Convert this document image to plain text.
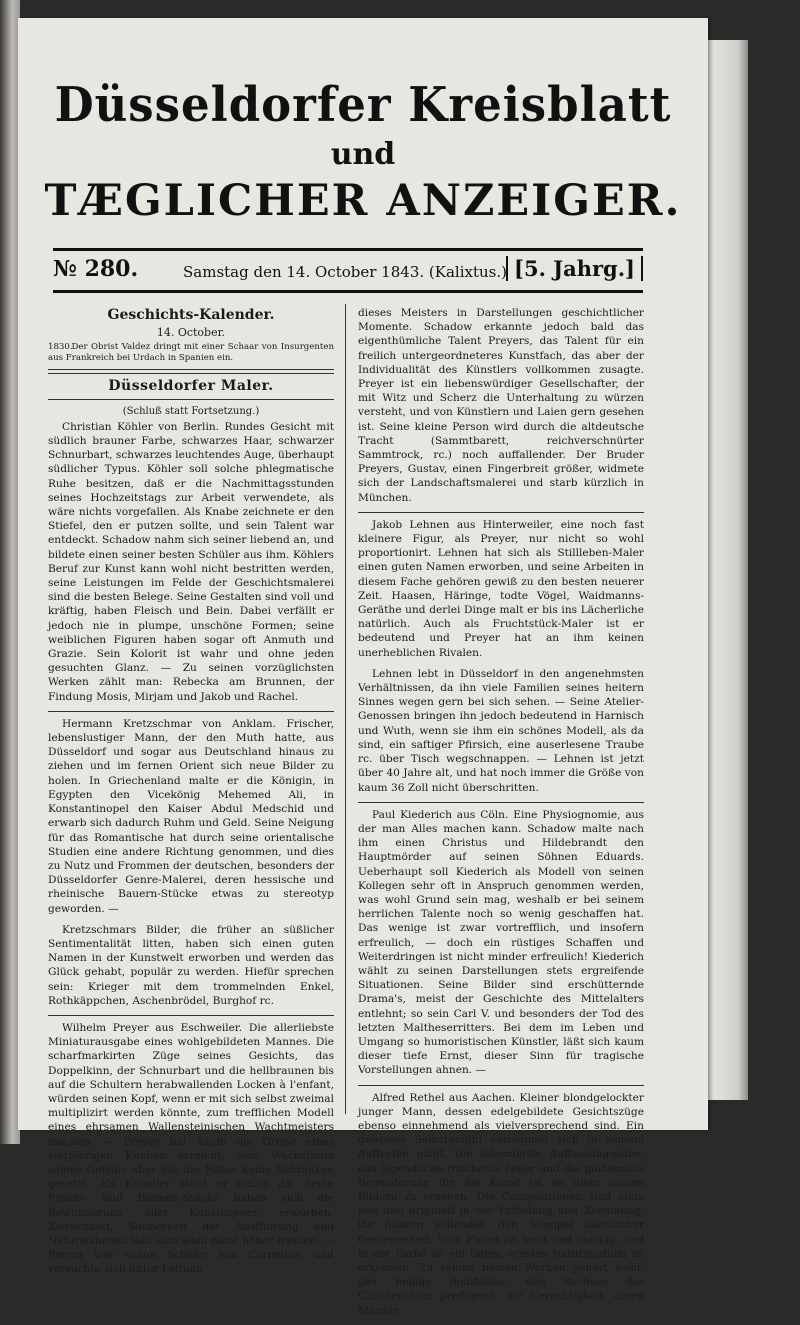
Düsseldorfer Kreisblatt
und
TÆGLICHER ANZEIGER.
№ 280.	Samstag den 14. October 1843. (Kalixtus.) [5. Jahrg.]
Geschichts-Kalender.
14. October.
1830. Der Obrist Valdez dringt mit einer Schaar von Insurgenten aus Frankreich bei Urdach in Spanien ein.
Düsseldorfer Maler.
(Schluß statt Fortsetzung.)

Christian Köhler von Berlin. Rundes Gesicht mit südlich brauner Farbe, schwarzes Haar, schwarzer Schnurbart, schwarzes leuchtendes Auge, überhaupt südlicher Typus. Köhler soll solche phlegmatische Ruhe besitzen, daß er die Nachmittagsstunden seines Hochzeitstags zur Arbeit verwendete, als wäre nichts vorgefallen. Als Knabe zeichnete er den Stiefel, den er putzen sollte, und sein Talent war entdeckt. Schadow nahm sich seiner liebend an, und bildete einen seiner besten Schüler aus ihm. Köhlers Beruf zur Kunst kann wohl nicht bestritten werden, seine Leistungen im Felde der Geschichtsmalerei sind die besten Belege. Seine Gestalten sind voll und kräftig, haben Fleisch und Bein. Dabei verfällt er jedoch nie in plumpe, unschöne Formen; seine weiblichen Figuren haben sogar oft Anmuth und Grazie. Sein Kolorit ist wahr und ohne jeden gesuchten Glanz. — Zu seinen vorzüglichsten Werken zählt man: Rebecka am Brunnen, der Findung Mosis, Mirjam und Jakob und Rachel.

Hermann Kretzschmar von Anklam. Frischer, lebenslustiger Mann, der den Muth hatte, aus Düsseldorf und sogar aus Deutschland hinaus zu ziehen und im fernen Orient sich neue Bilder zu holen. In Griechenland malte er die Königin, in Egypten den Vicekönig Mehemed Ali, in Konstantinopel den Kaiser Abdul Medschid und erwarb sich dadurch Ruhm und Geld. Seine Neigung für das Romantische hat durch seine orientalische Studien eine andere Richtung genommen, und dies zu Nutz und Frommen der deutschen, besonders der Düsseldorfer Genre-Malerei, deren hessische und rheinische Bauern-Stücke etwas zu stereotyp geworden. —

Kretzschmars Bilder, die früher an süßlicher Sentimentalität litten, haben sich einen guten Namen in der Kunstwelt erworben und werden das Glück gehabt, populär zu werden. Hiefür sprechen sein: Krieger mit dem trommelnden Enkel, Rothkäppchen, Aschenbrödel, Burghof rc.

Wilhelm Preyer aus Eschweiler. Die allerliebste Miniaturausgabe eines wohlgebildeten Mannes. Die scharfmarkirten Züge seines Gesichts, das Doppelkinn, der Schnurbart und die hellbraunen bis auf die Schultern herabwallenden Locken à l'enfant, würden seinen Kopf, wenn er mit sich selbst zweimal multiplizirt werden könnte, zum trefflichen Modell eines ehrsamen Wallensteinischen Wachtmeisters machen. — Preyer hat kaum die Größe eines vierjährigen Knaben erreicht; dem Wachsthum seines Geistes aber hat die Natur keine Schranken gesetzt. Als Künstler steht er einzig da. Seine Frucht- und Blumen-Stücke haben sich die Bewunderung aller Kunstkenner erworben. Zierlichkeit, Sauberkeit der Ausführung und Naturwahrheit läßt sich wohl nicht höher treiben. — Preyer war schon Schüler von Cornelius, und versuchte sich unter Leitung

dieses Meisters in Darstellungen geschichtlicher Momente. Schadow erkannte jedoch bald das eigenthümliche Talent Preyers, das Talent für ein freilich untergeordneteres Kunstfach, das aber der Individualität des Künstlers vollkommen zusagte. Preyer ist ein liebenswürdiger Gesellschafter, der mit Witz und Scherz die Unterhaltung zu würzen versteht, und von Künstlern und Laien gern gesehen ist. Seine kleine Person wird durch die altdeutsche Tracht (Sammtbarett, reichverschnürter Sammtrock, rc.) noch auffallender. Der Bruder Preyers, Gustav, einen Fingerbreit größer, widmete sich der Landschaftsmalerei und starb kürzlich in München.

Jakob Lehnen aus Hinterweiler, eine noch fast kleinere Figur, als Preyer, nur nicht so wohl proportionirt. Lehnen hat sich als Stillleben-Maler einen guten Namen erworben, und seine Arbeiten in diesem Fache gehören gewiß zu den besten neuerer Zeit. Haasen, Häringe, todte Vögel, Waidmanns-Geräthe und derlei Dinge malt er bis ins Lächerliche natürlich. Auch als Fruchtstück-Maler ist er bedeutend und Preyer hat an ihm keinen unerheblichen Rivalen.

Lehnen lebt in Düsseldorf in den angenehmsten Verhältnissen, da ihn viele Familien seines heitern Sinnes wegen gern bei sich sehen. — Seine Atelier-Genossen bringen ihn jedoch bedeutend in Harnisch und Wuth, wenn sie ihm ein schönes Modell, als da sind, ein saftiger Pfirsich, eine auserlesene Traube rc. über Tisch wegschnappen. — Lehnen ist jetzt über 40 Jahre alt, und hat noch immer die Größe von kaum 36 Zoll nicht überschritten.

Paul Kiederich aus Cöln. Eine Physiognomie, aus der man Alles machen kann. Schadow malte nach ihm einen Christus und Hildebrandt den Hauptmörder auf seinen Söhnen Eduards. Ueberhaupt soll Kiederich als Modell von seinen Kollegen sehr oft in Anspruch genommen werden, was wohl Grund sein mag, weshalb er bei seinem herrlichen Talente noch so wenig geschaffen hat. Das wenige ist zwar vortrefflich, und insofern erfreulich, — doch ein rüstiges Schaffen und Weiterdringen ist nicht minder erfreulich! Kiederich wählt zu seinen Darstellungen stets ergreifende Situationen. Seine Bilder sind erschütternde Drama's, meist der Geschichte des Mittelalters entlehnt; so sein Carl V. und besonders der Tod des letzten Maltheserritters. Bei dem im Leben und Umgang so humoristischen Künstler, läßt sich kaum dieser tiefe Ernst, dieser Sinn für tragische Vorstellungen ahnen. —

Alfred Rethel aus Aachen. Kleiner blondgelockter junger Mann, dessen edelgebildete Gesichtszüge ebenso einnehmend als vielversprechend sind. Ein gewisses Selbstgefühl verläugnet sich in seinem Auftreten nicht. Die lebendigste Auffassungsgabe, das jugendliche frischeste Feuer und die glühendste Begeisterung für die Kunst ist an allen seinen Bildern zu ersehen. Die Compositionen sind stets neu und originell in der Erfindung und Zeichnung, ihr Bildern vollendet, den Stempel klassischer Gediegenheit. Sein Pinsel ist breit und markig, und in der Farbe ist ein tiefes, ernstes Naturstudium zu erkennen. Zu seinen besten Werken gehört wohl: Der heilige Bonifazius, den Sachsen das Christenthum predigend; die Gerechtigkeit, einen Mörder
